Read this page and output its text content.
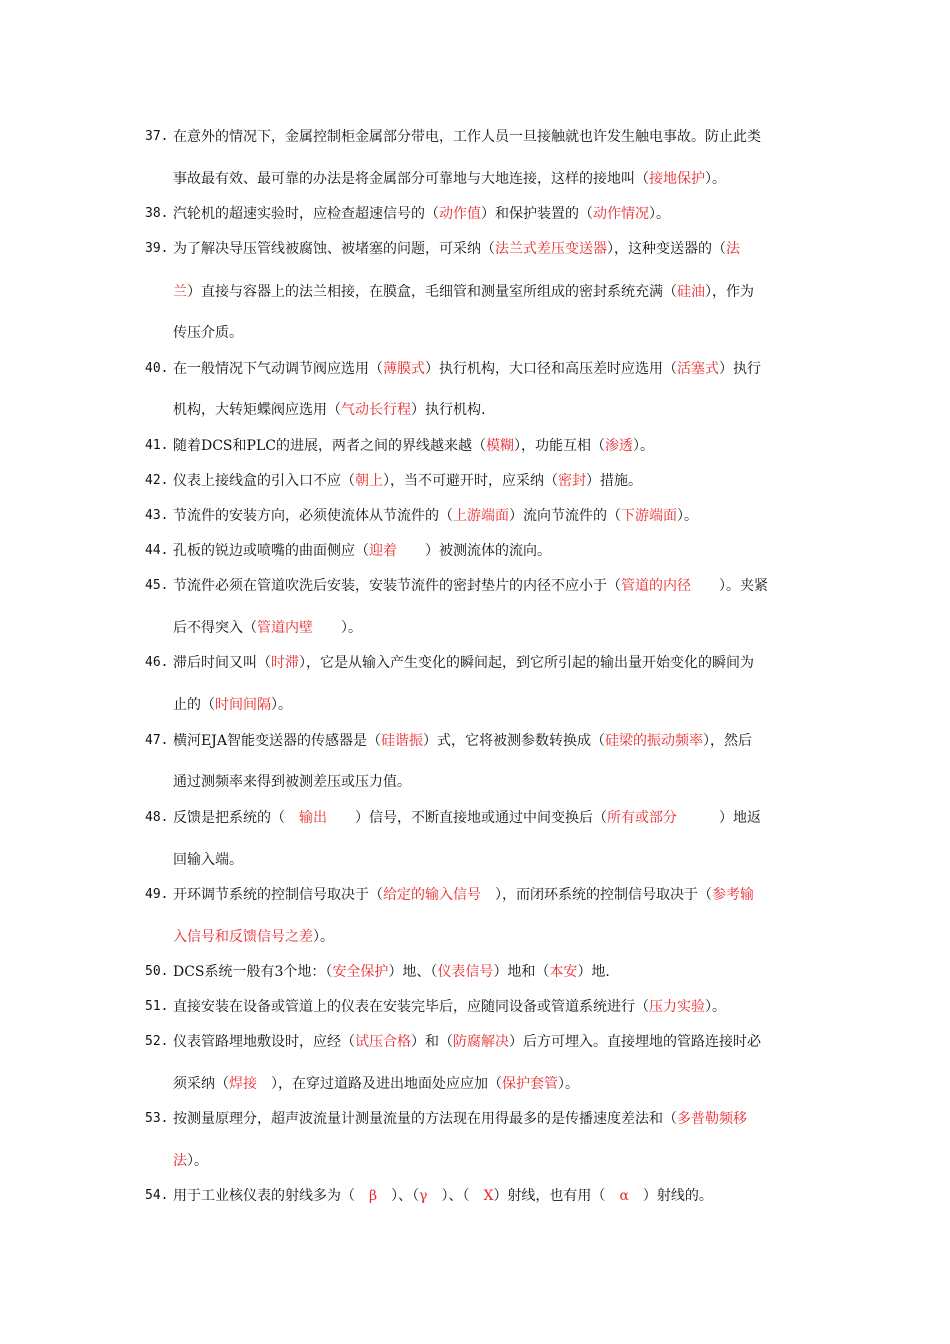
37. 在意外的情况下，金属控制柜金属部分带电，工作人员一旦接触就也许发生触电事故。防止此类
事故最有效、最可靠的办法是将金属部分可靠地与大地连接，这样的接地叫（接地保护）。
38. 汽轮机的超速实验时，应检查超速信号的（动作值）和保护装置的（动作情况）。
39. 为了解决导压管线被腐蚀、被堵塞的问题，可采纳（法兰式差压变送器），这种变送器的（法
兰）直接与容器上的法兰相接，在膜盒，毛细管和测量室所组成的密封系统充满（硅油），作为
传压介质。
40. 在一般情况下气动调节阀应选用（薄膜式）执行机构，大口径和高压差时应选用（活塞式）执行
机构，大转矩蝶阀应选用（气动长行程）执行机构.
41. 随着DCS和PLC的进展，两者之间的界线越来越（模糊），功能互相（渗透）。
42. 仪表上接线盒的引入口不应（朝上），当不可避开时，应采纳（密封）措施。
43. 节流件的安装方向，必须使流体从节流件的（上游端面）流向节流件的（下游端面）。
44. 孔板的锐边或喷嘴的曲面侧应（迎着　　）被测流体的流向。
45. 节流件必须在管道吹洗后安装，安装节流件的密封垫片的内径不应小于（管道的内径　　）。夹紧
后不得突入（管道内壁　　）。
46. 滞后时间又叫（时滞），它是从输入产生变化的瞬间起，到它所引起的输出量开始变化的瞬间为
止的（时间间隔）。
47. 横河EJA智能变送器的传感器是（硅谐振）式，它将被测参数转换成（硅梁的振动频率），然后
通过测频率来得到被测差压或压力值。
48. 反馈是把系统的（　输出　　）信号，不断直接地或通过中间变换后（所有或部分　　　）地返
回输入端。
49. 开环调节系统的控制信号取决于（给定的输入信号　），而闭环系统的控制信号取决于（参考输
入信号和反馈信号之差）。
50. DCS系统一般有3个地：（安全保护）地、（仪表信号）地和（本安）地.
51. 直接安装在设备或管道上的仪表在安装完毕后，应随同设备或管道系统进行（压力实验）。
52. 仪表管路埋地敷设时，应经（试压合格）和（防腐解决）后方可埋入。直接埋地的管路连接时必
须采纳（焊接　），在穿过道路及进出地面处应应加（保护套管）。
53. 按测量原理分，超声波流量计测量流量的方法现在用得最多的是传播速度差法和（多普勒频移
法）。
54. 用于工业核仪表的射线多为（　β　）、（γ　）、（　X）射线，也有用（　α　）射线的。
